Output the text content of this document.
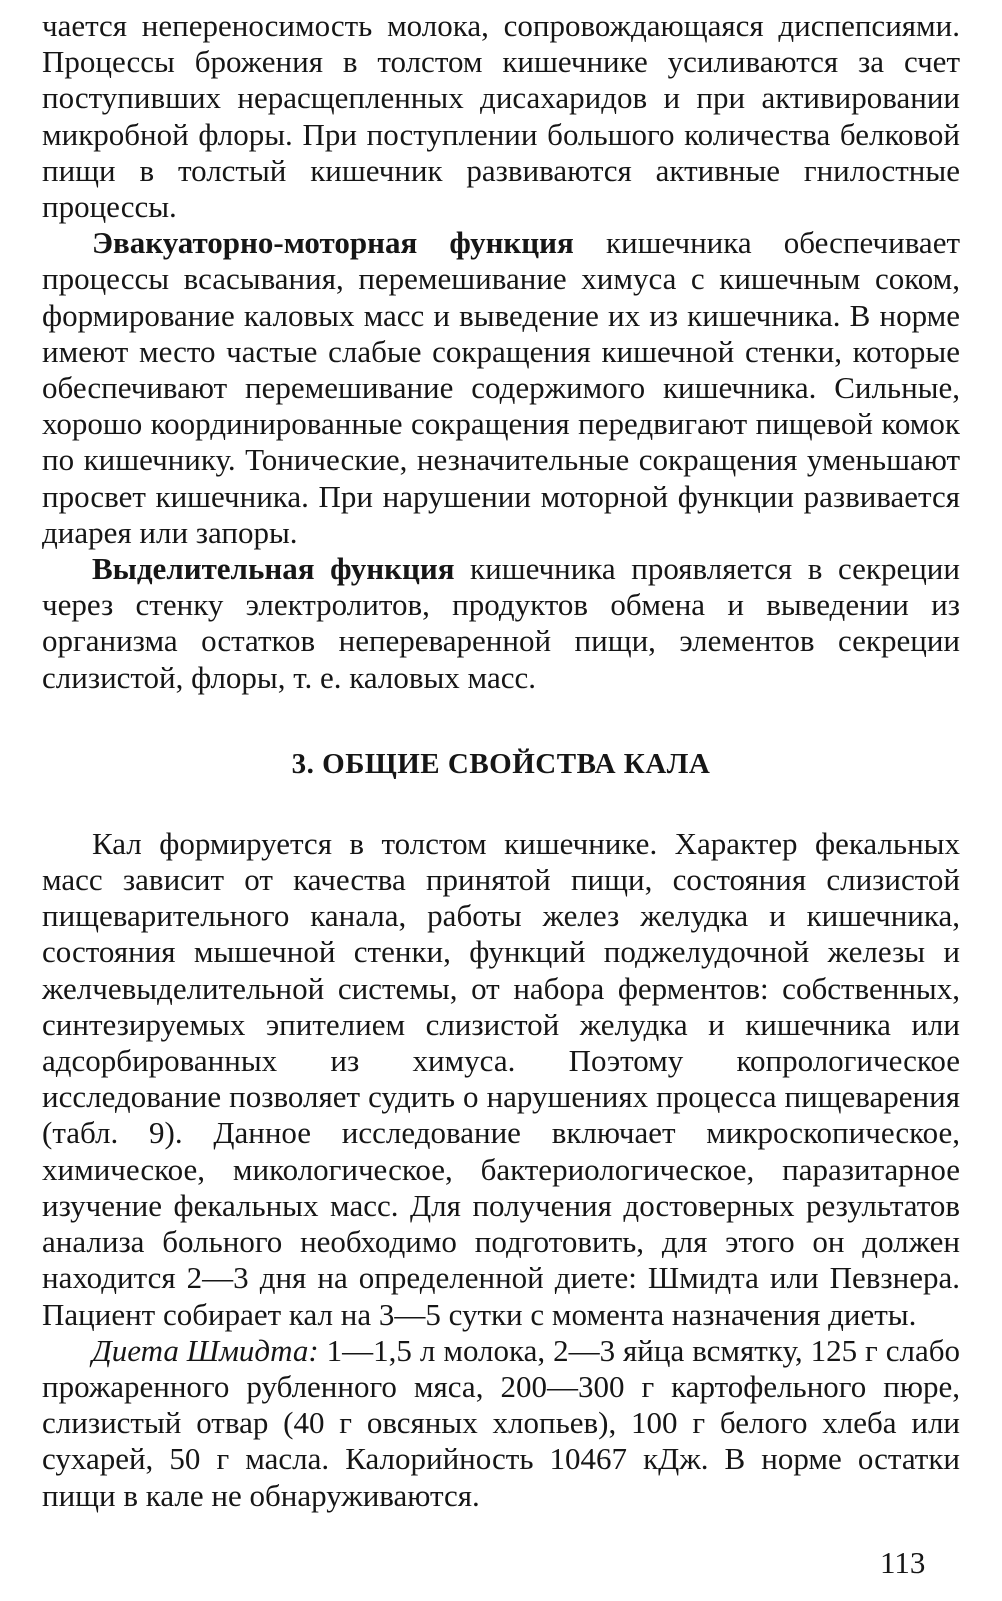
чается непереносимость молока, сопровождающаяся диспепсиями. Процессы брожения в толстом кишечнике усиливаются за счет поступивших нерасщепленных дисахаридов и при активировании микробной флоры. При поступлении большого количества белковой пищи в толстый кишечник развиваются активные гнилостные процессы.

Эвакуаторно-моторная функция кишечника обеспечивает процессы всасывания, перемешивание химуса с кишечным соком, формирование каловых масс и выведение их из кишечника. В норме имеют место частые слабые сокращения кишечной стенки, которые обеспечивают перемешивание содержимого кишечника. Сильные, хорошо координированные сокращения передвигают пищевой комок по кишечнику. Тонические, незначительные сокращения уменьшают просвет кишечника. При нарушении моторной функции развивается диарея или запоры.

Выделительная функция кишечника проявляется в секреции через стенку электролитов, продуктов обмена и выведении из организма остатков непереваренной пищи, элементов секреции слизистой, флоры, т. е. каловых масс.

3. ОБЩИЕ СВОЙСТВА КАЛА

Кал формируется в толстом кишечнике. Характер фекальных масс зависит от качества принятой пищи, состояния слизистой пищеварительного канала, работы желез желудка и кишечника, состояния мышечной стенки, функций поджелудочной железы и желчевыделительной системы, от набора ферментов: собственных, синтезируемых эпителием слизистой желудка и кишечника или адсорбированных из химуса. Поэтому копрологическое исследование позволяет судить о нарушениях процесса пищеварения (табл. 9). Данное исследование включает микроскопическое, химическое, микологическое, бактериологическое, паразитарное изучение фекальных масс. Для получения достоверных результатов анализа больного необходимо подготовить, для этого он должен находится 2—3 дня на определенной диете: Шмидта или Певзнера. Пациент собирает кал на 3—5 сутки с момента назначения диеты.

Диета Шмидта: 1—1,5 л молока, 2—3 яйца всмятку, 125 г слабо прожаренного рубленного мяса, 200—300 г картофельного пюре, слизистый отвар (40 г овсяных хлопьев), 100 г белого хлеба или сухарей, 50 г масла. Калорийность 10467 кДж. В норме остатки пищи в кале не обнаруживаются.

113
